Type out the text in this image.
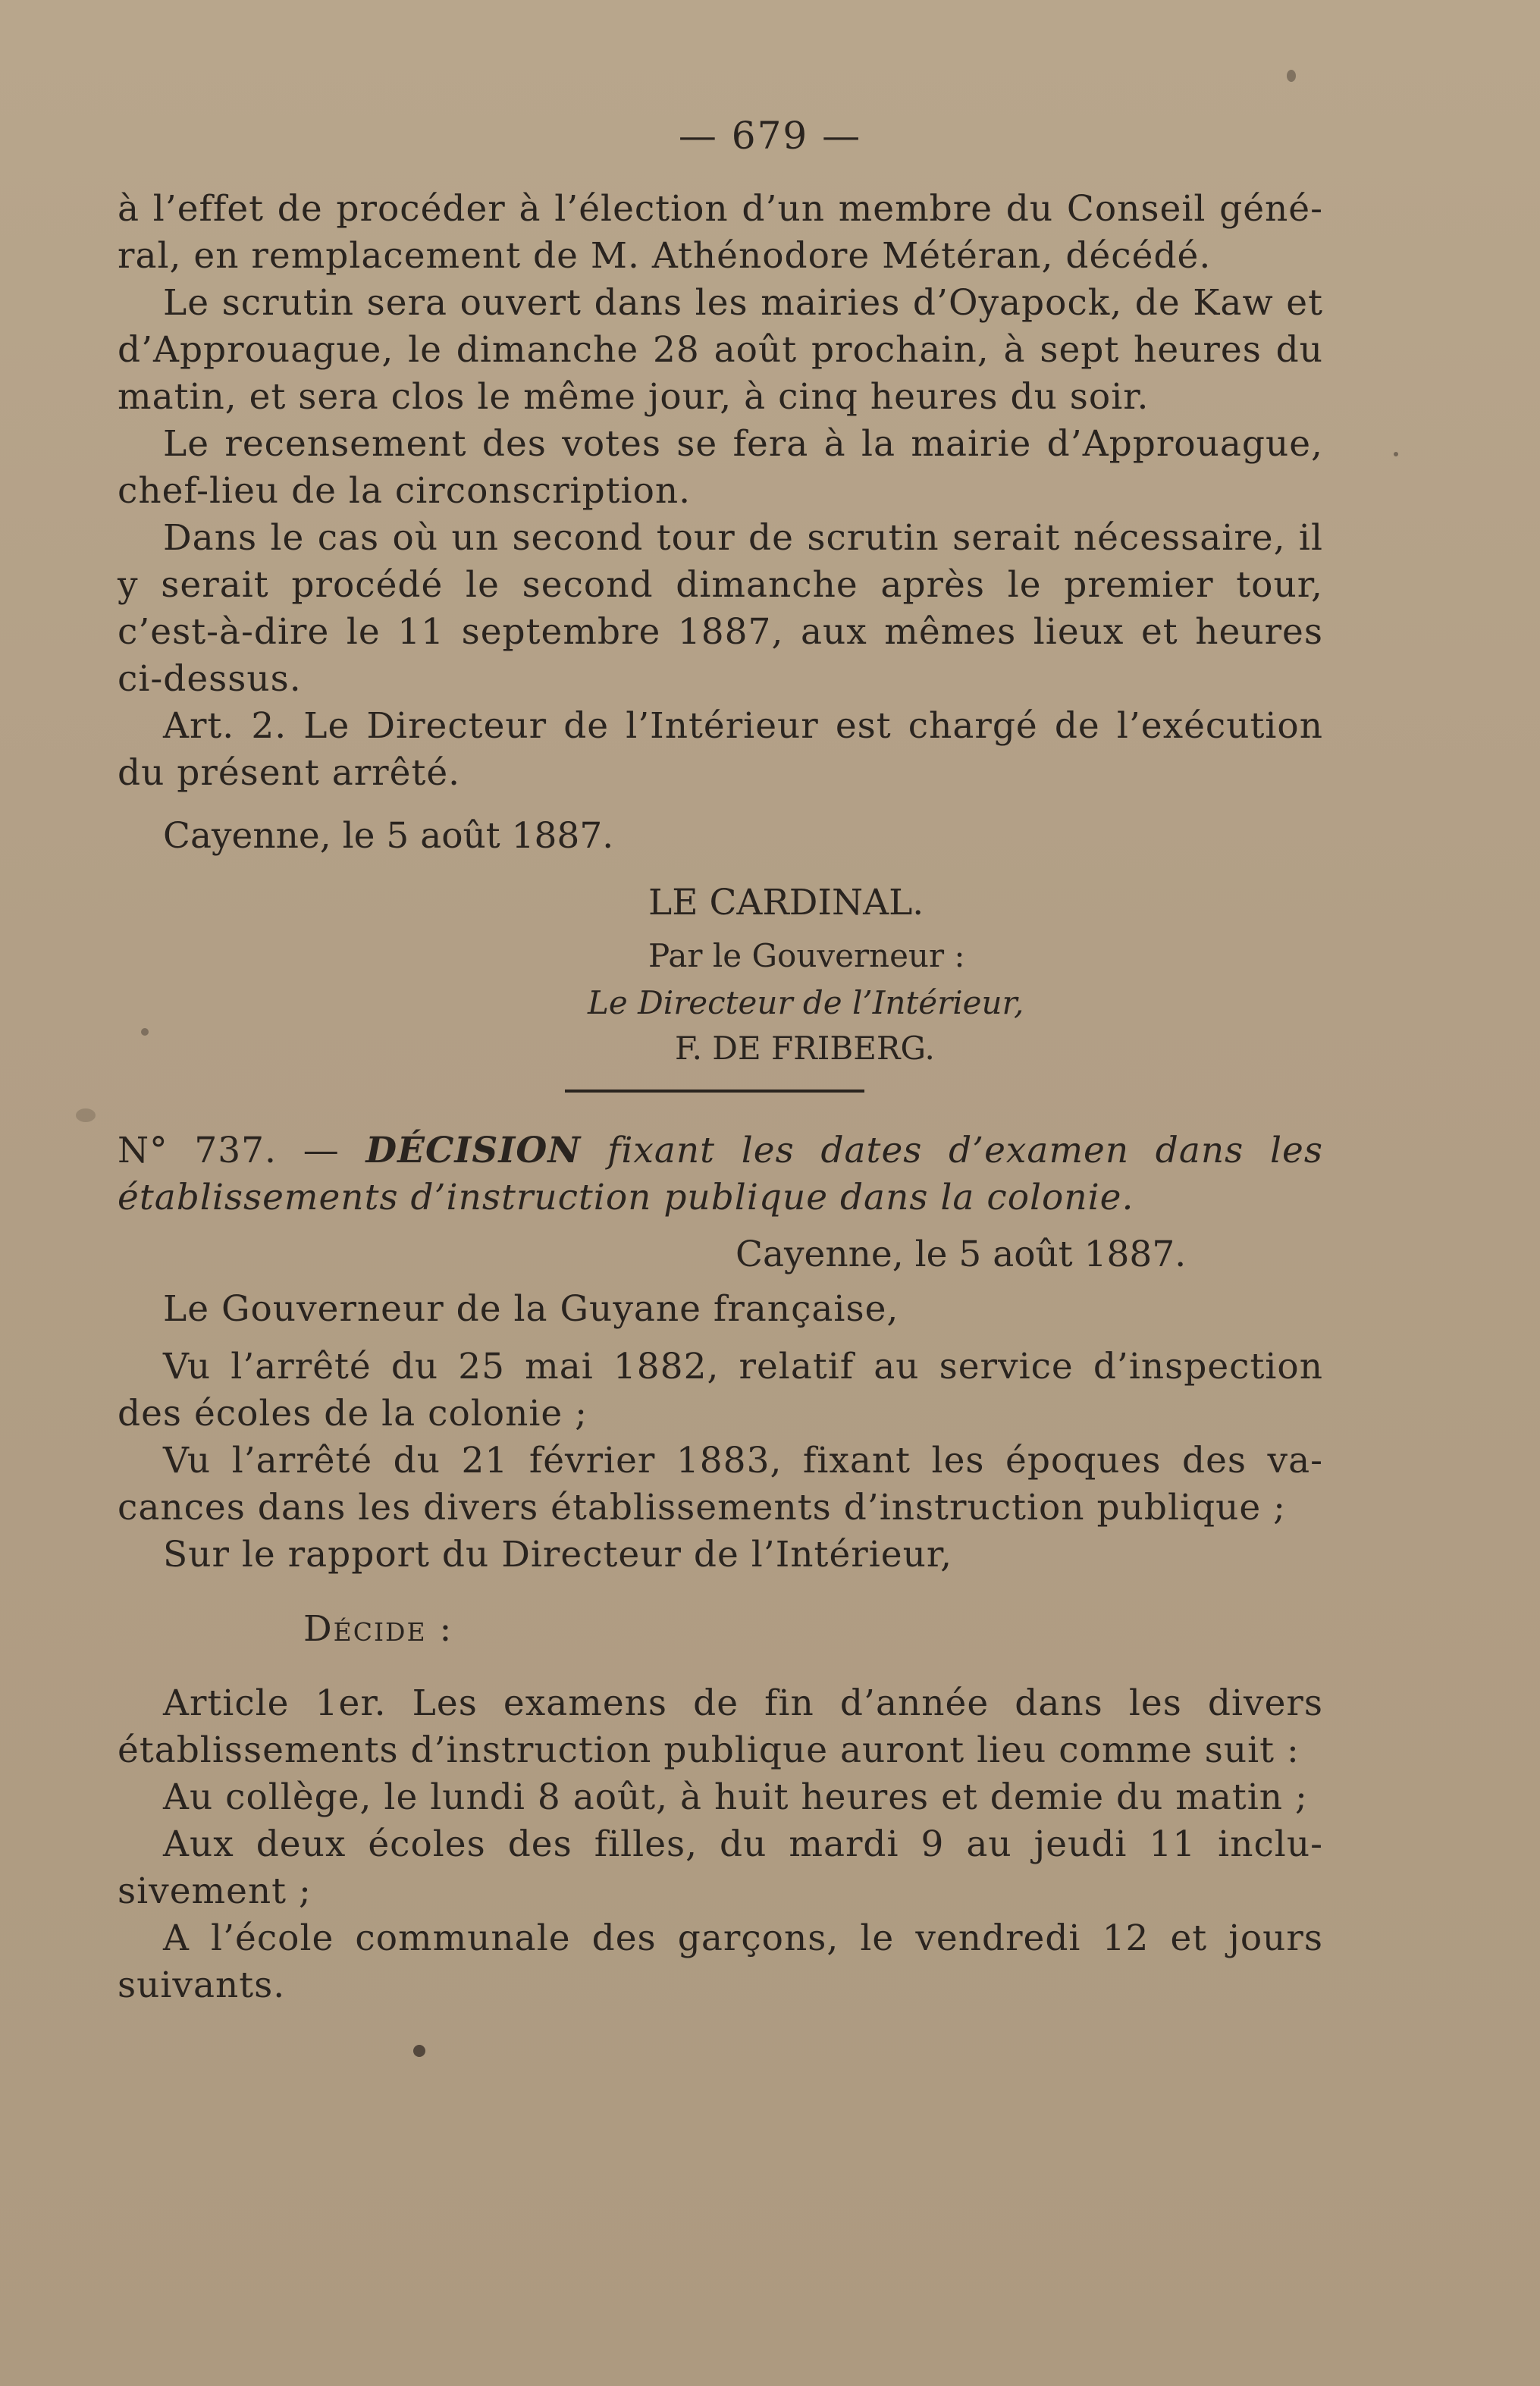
— 679 —

à l’effet de procéder à l’élection d’un membre du Conseil géné-ral, en remplacement de M. Athénodore Météran, décédé.

Le scrutin sera ouvert dans les mairies d’Oyapock, de Kaw et d’Approuague, le dimanche 28 août prochain, à sept heures du matin, et sera clos le même jour, à cinq heures du soir.

Le recensement des votes se fera à la mairie d’Approuague, chef-lieu de la circonscription.

Dans le cas où un second tour de scrutin serait nécessaire, il y serait procédé le second dimanche après le premier tour, c’est-à-dire le 11 septembre 1887, aux mêmes lieux et heures ci-dessus.

Art. 2. Le Directeur de l’Intérieur est chargé de l’exécution du présent arrêté.

Cayenne, le 5 août 1887.
LE CARDINAL.
Par le Gouverneur :
Le Directeur de l’Intérieur,
F. DE FRIBERG.

N° 737. — DÉCISION fixant les dates d’examen dans les établissements d’instruction publique dans la colonie.

Cayenne, le 5 août 1887.

Le Gouverneur de la Guyane française,

Vu l’arrêté du 25 mai 1882, relatif au service d’inspection des écoles de la colonie ;

Vu l’arrêté du 21 février 1883, fixant les époques des va-cances dans les divers établissements d’instruction publique ;

Sur le rapport du Directeur de l’Intérieur,

Décide :

Article 1er. Les examens de fin d’année dans les divers établissements d’instruction publique auront lieu comme suit :

Au collège, le lundi 8 août, à huit heures et demie du matin ;

Aux deux écoles des filles, du mardi 9 au jeudi 11 inclu-sivement ;

A l’école communale des garçons, le vendredi 12 et jours suivants.
